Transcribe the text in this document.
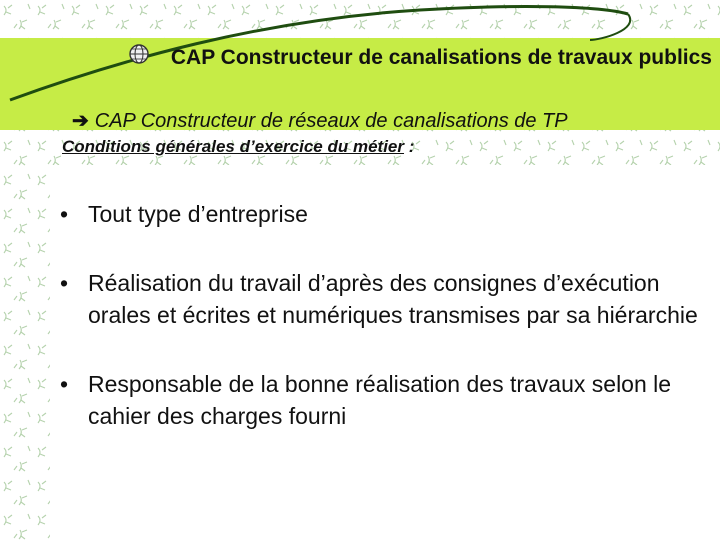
CAP Constructeur de canalisations de travaux publics
➔ CAP Constructeur de réseaux de canalisations de TP
Conditions générales d’exercice du métier :
• Tout type d’entreprise
• Réalisation du travail d’après des consignes d’exécution orales et écrites et numériques transmises par sa hiérarchie
• Responsable de la bonne réalisation des travaux selon le cahier des charges fourni
